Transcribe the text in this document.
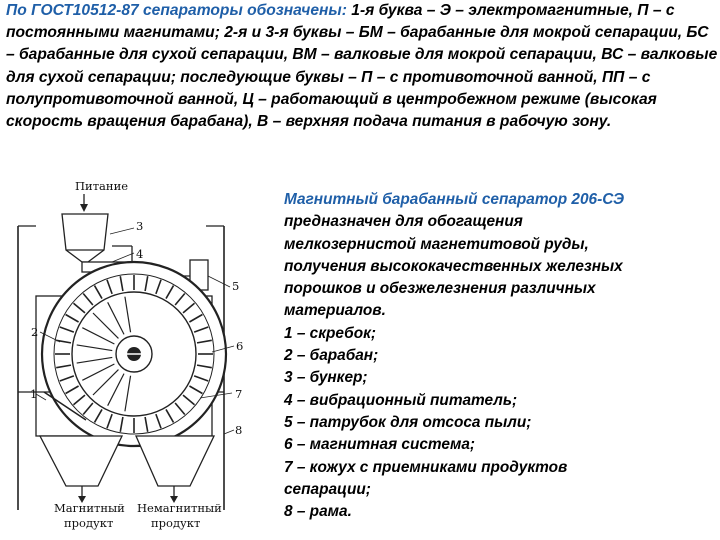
По ГОСТ10512-87 сепараторы обозначены: 1-я буква – Э – электромагнитные, П – с постоянными магнитами; 2-я и 3-я буквы – БМ – барабанные для мокрой сепарации, БС – барабанные для сухой сепарации, ВМ – валковые для мокрой сепарации, ВС – валковые для сухой сепарации; последующие буквы – П – с противоточной ванной, ПП – с полупротивоточной ванной, Ц – работающий в центробежном режиме (высокая скорость вращения барабана), В – верхняя подача питания в рабочую зону.

Питание
1
2
3
4
5
6
7
8
Магнитный
продукт
Немагнитный
продукт
Магнитный барабанный сепаратор 206-СЭ
предназначен для обогащения
мелкозернистой магнетитовой руды,
получения высококачественных железных
порошков и обезжелезнения различных
материалов.
1 – скребок;
2 – барабан;
3 – бункер;
4 – вибрационный питатель;
5 – патрубок для отсоса пыли;
6 – магнитная система;
7 – кожух с приемниками продуктов
сепарации;
8 – рама.
